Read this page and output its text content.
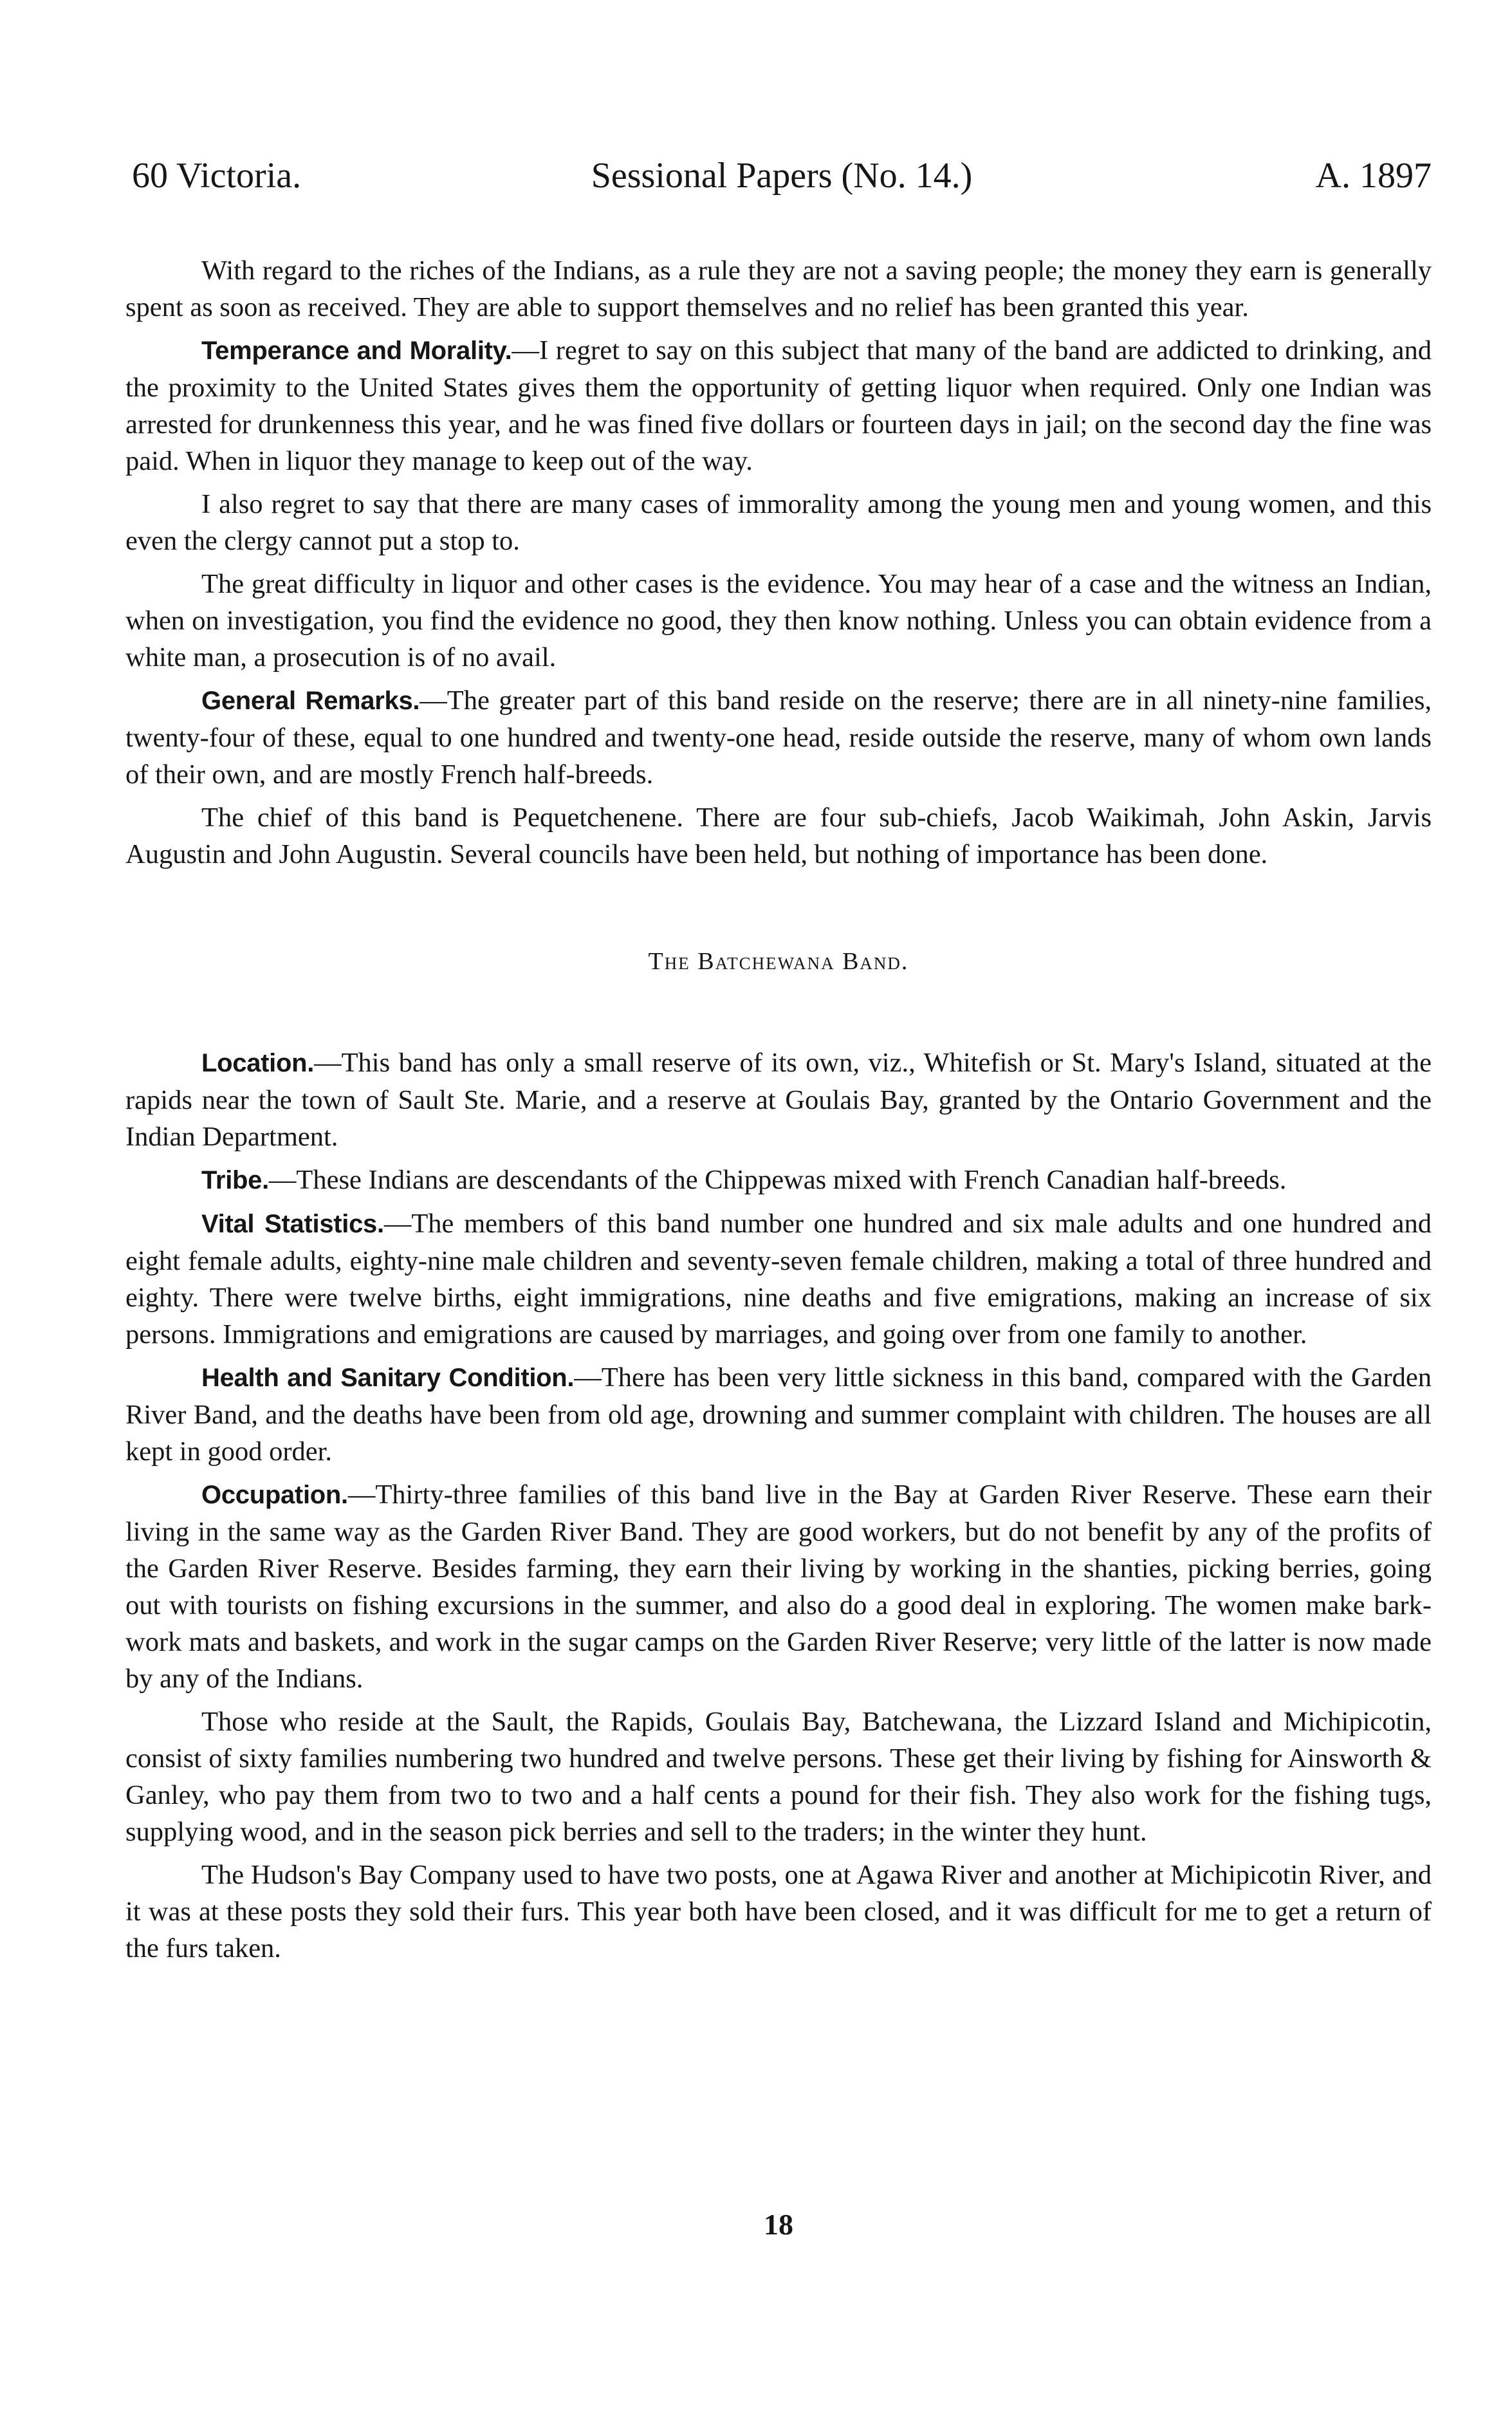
60 Victoria.	Sessional Papers (No. 14.)	A. 1897

With regard to the riches of the Indians, as a rule they are not a saving people; the money they earn is generally spent as soon as received. They are able to support themselves and no relief has been granted this year.

Temperance and Morality.—I regret to say on this subject that many of the band are addicted to drinking, and the proximity to the United States gives them the opportunity of getting liquor when required. Only one Indian was arrested for drunkenness this year, and he was fined five dollars or fourteen days in jail; on the second day the fine was paid. When in liquor they manage to keep out of the way.

I also regret to say that there are many cases of immorality among the young men and young women, and this even the clergy cannot put a stop to.

The great difficulty in liquor and other cases is the evidence. You may hear of a case and the witness an Indian, when on investigation, you find the evidence no good, they then know nothing. Unless you can obtain evidence from a white man, a prosecution is of no avail.

General Remarks.—The greater part of this band reside on the reserve; there are in all ninety-nine families, twenty-four of these, equal to one hundred and twenty-one head, reside outside the reserve, many of whom own lands of their own, and are mostly French half-breeds.

The chief of this band is Pequetchenene. There are four sub-chiefs, Jacob Waikimah, John Askin, Jarvis Augustin and John Augustin. Several councils have been held, but nothing of importance has been done.

The Batchewana Band.

Location.—This band has only a small reserve of its own, viz., Whitefish or St. Mary's Island, situated at the rapids near the town of Sault Ste. Marie, and a reserve at Goulais Bay, granted by the Ontario Government and the Indian Department.

Tribe.—These Indians are descendants of the Chippewas mixed with French Canadian half-breeds.

Vital Statistics.—The members of this band number one hundred and six male adults and one hundred and eight female adults, eighty-nine male children and seventy-seven female children, making a total of three hundred and eighty. There were twelve births, eight immigrations, nine deaths and five emigrations, making an increase of six persons. Immigrations and emigrations are caused by marriages, and going over from one family to another.

Health and Sanitary Condition.—There has been very little sickness in this band, compared with the Garden River Band, and the deaths have been from old age, drowning and summer complaint with children. The houses are all kept in good order.

Occupation.—Thirty-three families of this band live in the Bay at Garden River Reserve. These earn their living in the same way as the Garden River Band. They are good workers, but do not benefit by any of the profits of the Garden River Reserve. Besides farming, they earn their living by working in the shanties, picking berries, going out with tourists on fishing excursions in the summer, and also do a good deal in exploring. The women make bark-work mats and baskets, and work in the sugar camps on the Garden River Reserve; very little of the latter is now made by any of the Indians.

Those who reside at the Sault, the Rapids, Goulais Bay, Batchewana, the Lizzard Island and Michipicotin, consist of sixty families numbering two hundred and twelve persons. These get their living by fishing for Ainsworth & Ganley, who pay them from two to two and a half cents a pound for their fish. They also work for the fishing tugs, supplying wood, and in the season pick berries and sell to the traders; in the winter they hunt.

The Hudson's Bay Company used to have two posts, one at Agawa River and another at Michipicotin River, and it was at these posts they sold their furs. This year both have been closed, and it was difficult for me to get a return of the furs taken.

18
